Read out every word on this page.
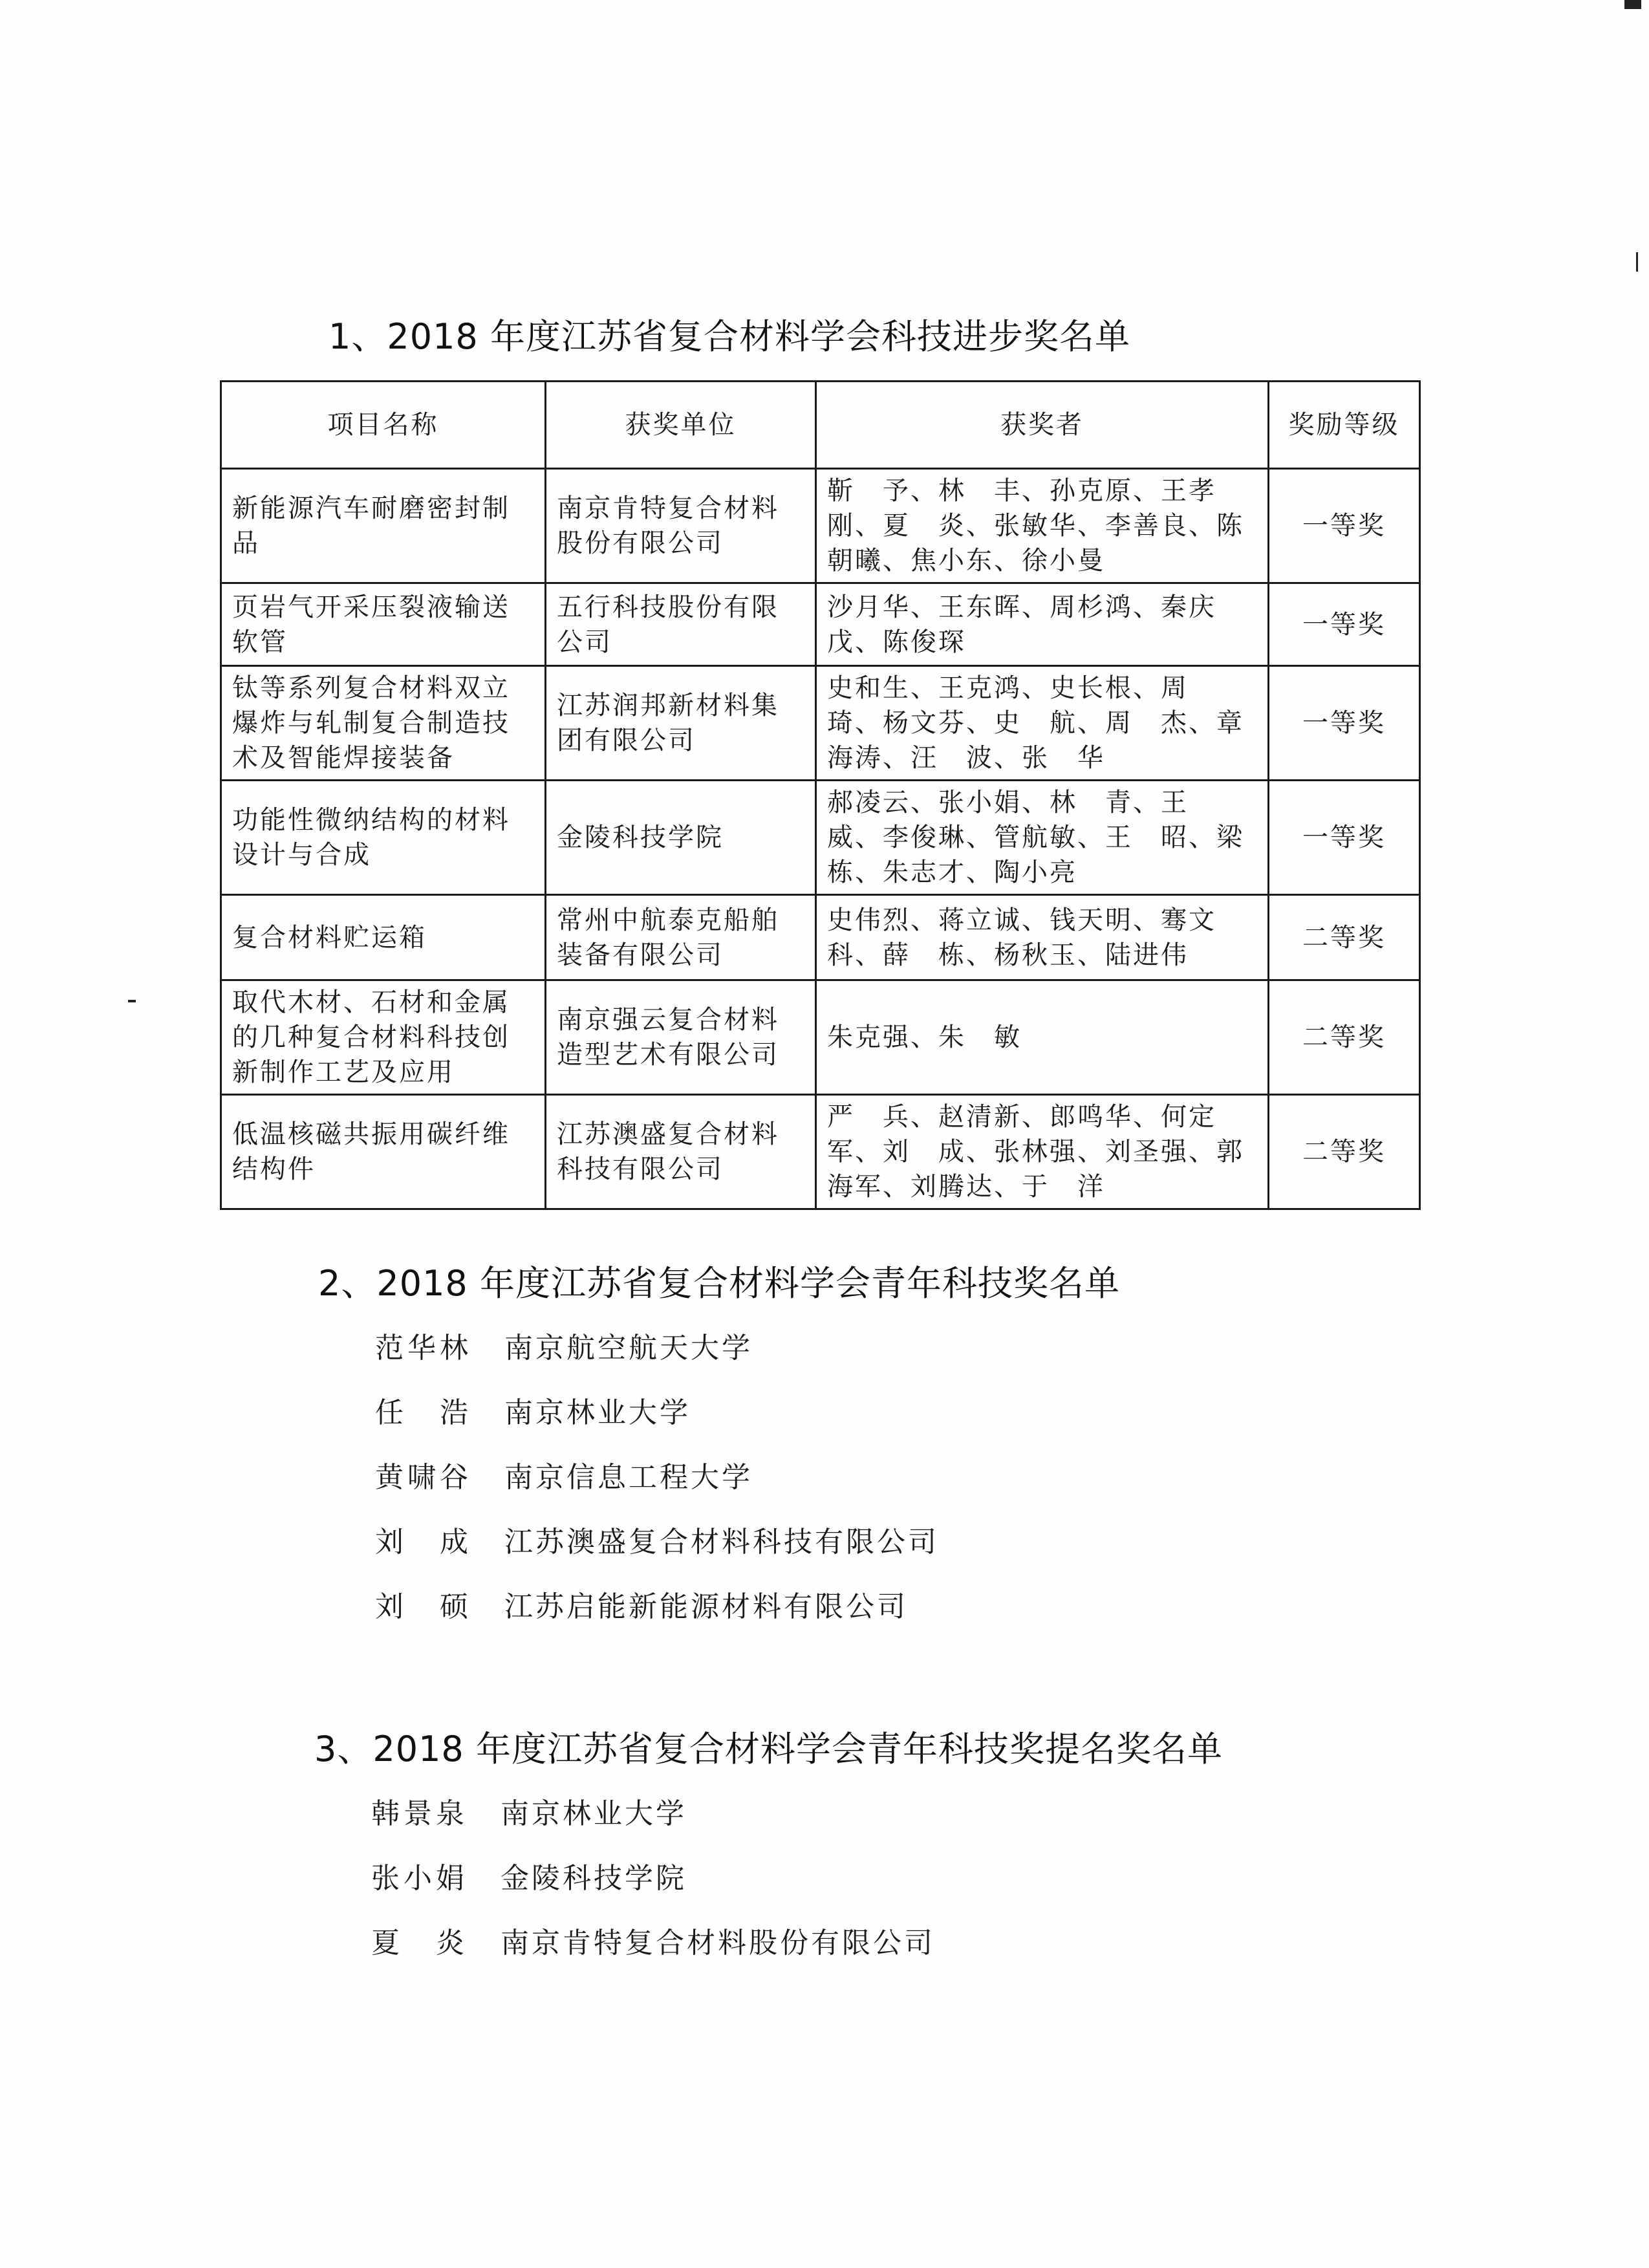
1、2018 年度江苏省复合材料学会科技进步奖名单
项目名称	获奖单位	获奖者	奖励等级
新能源汽车耐磨密封制品	南京肯特复合材料股份有限公司	靳　予、林　丰、孙克原、王孝刚、夏　炎、张敏华、李善良、陈朝曦、焦小东、徐小曼	一等奖
页岩气开采压裂液输送软管	五行科技股份有限公司	沙月华、王东晖、周杉鸿、秦庆戊、陈俊琛	一等奖
钛等系列复合材料双立爆炸与轧制复合制造技术及智能焊接装备	江苏润邦新材料集团有限公司	史和生、王克鸿、史长根、周　琦、杨文芬、史　航、周　杰、章海涛、汪　波、张　华	一等奖
功能性微纳结构的材料设计与合成	金陵科技学院	郝凌云、张小娟、林　青、王　威、李俊琳、管航敏、王　昭、梁　栋、朱志才、陶小亮	一等奖
复合材料贮运箱	常州中航泰克船舶装备有限公司	史伟烈、蒋立诚、钱天明、骞文科、薛　栋、杨秋玉、陆进伟	二等奖
取代木材、石材和金属的几种复合材料科技创新制作工艺及应用	南京强云复合材料造型艺术有限公司	朱克强、朱　敏	二等奖
低温核磁共振用碳纤维结构件	江苏澳盛复合材料科技有限公司	严　兵、赵清新、郎鸣华、何定军、刘　成、张林强、刘圣强、郭海军、刘腾达、于　洋	二等奖
2、2018 年度江苏省复合材料学会青年科技奖名单
范华林	南京航空航天大学
任　浩	南京林业大学
黄啸谷	南京信息工程大学
刘　成	江苏澳盛复合材料科技有限公司
刘　硕	江苏启能新能源材料有限公司
3、2018 年度江苏省复合材料学会青年科技奖提名奖名单
韩景泉	南京林业大学
张小娟	金陵科技学院
夏　炎	南京肯特复合材料股份有限公司
